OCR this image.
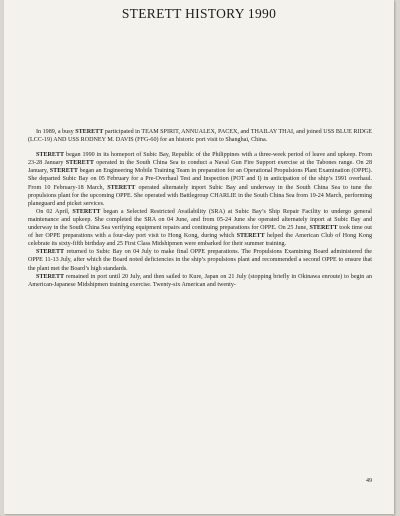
STERETT HISTORY 1990

In 1989, a busy STERETT participated in TEAM SPIRIT, ANNUALEX, PACEX, and THAILAY THAI, and joined USS BLUE RIDGE (LCC-19) AND USS RODNEY M. DAVIS (FFG-60) for an historic port visit to Shanghai, China.

STERETT began 1990 in its homeport of Subic Bay, Republic of the Philippines with a three-week period of leave and upkeep. From 23-28 January STERETT operated in the South China Sea to conduct a Naval Gun Fire Support exercise at the Tabones range. On 28 January, STERETT began an Engineering Mobile Training Team in preparation for an Operational Propulsions Plant Examination (OPPE). She departed Subic Bay on 05 February for a Pre-Overhaul Test and Inspection (POT and I) in anticipation of the ship’s 1991 overhaul. From 10 February-18 March, STERETT operated alternately inport Subic Bay and underway in the South China Sea to tune the propulsions plant for the upcoming OPPE. She operated with Battlegroup CHARLIE in the South China Sea from 19-24 March, performing planeguard and picket services.

On 02 April, STERETT began a Selected Restricted Availability (SRA) at Subic Bay’s Ship Repair Facility to undergo general maintenance and upkeep. She completed the SRA on 04 June, and from 05-24 June she operated alternately inport at Subic Bay and underway in the South China Sea verifying equipment repairs and continuing preparations for OPPE. On 25 June, STERETT took time out of her OPPE preparations with a four-day port visit to Hong Kong, during which STERETT helped the American Club of Hong Kong celebrate its sixty-fifth birthday and 25 First Class Midshipmen were embarked for their summer training.

STERETT returned to Subic Bay on 04 July to make final OPPE preparations. The Propulsions Examining Board administered the OPPE 11-13 July, after which the Board noted deficiencies in the ship’s propulsions plant and recommended a second OPPE to ensure that the plant met the Board’s high standards.

STERETT remained in port until 20 July, and then sailed to Kure, Japan on 21 July (stopping briefly in Okinawa enroute) to begin an American-Japanese Midshipmen training exercise. Twenty-six American and twenty-

49
